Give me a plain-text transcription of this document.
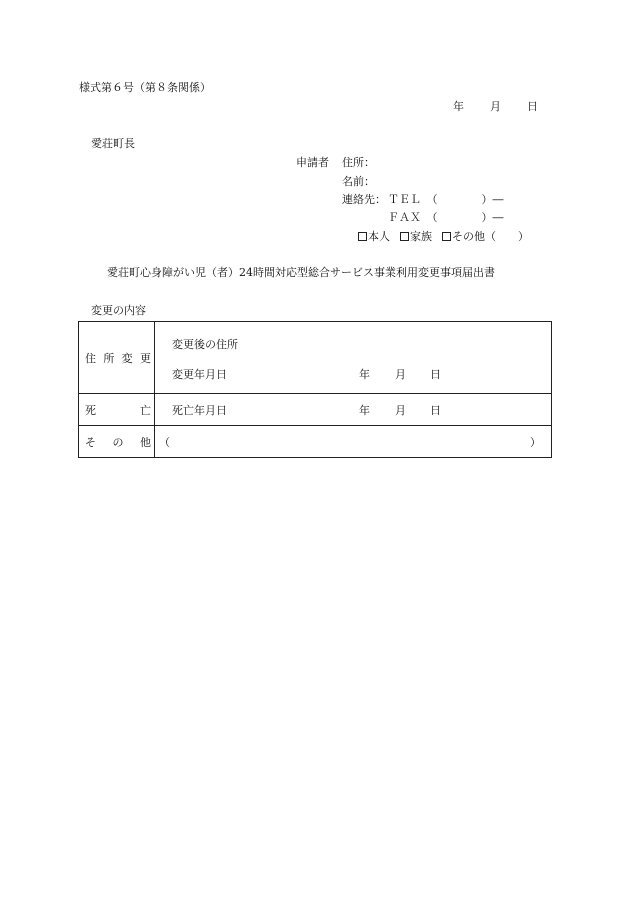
様式第６号（第８条関係）
年 月 日
愛荘町長
申請者 住所：
名前：
連絡先： ＴＥＬ　（　　　　）―
ＦＡＸ　（　　　　）―
本人 家族 その他（　　）
愛荘町心身障がい児（者）24時間対応型総合サービス事業利用変更事項届出書
変更の内容
住 所 変 更	変更後の住所
変更年月日 年 月 日

死 亡	死亡年月日 年 月 日

そ の 他	（ ）
